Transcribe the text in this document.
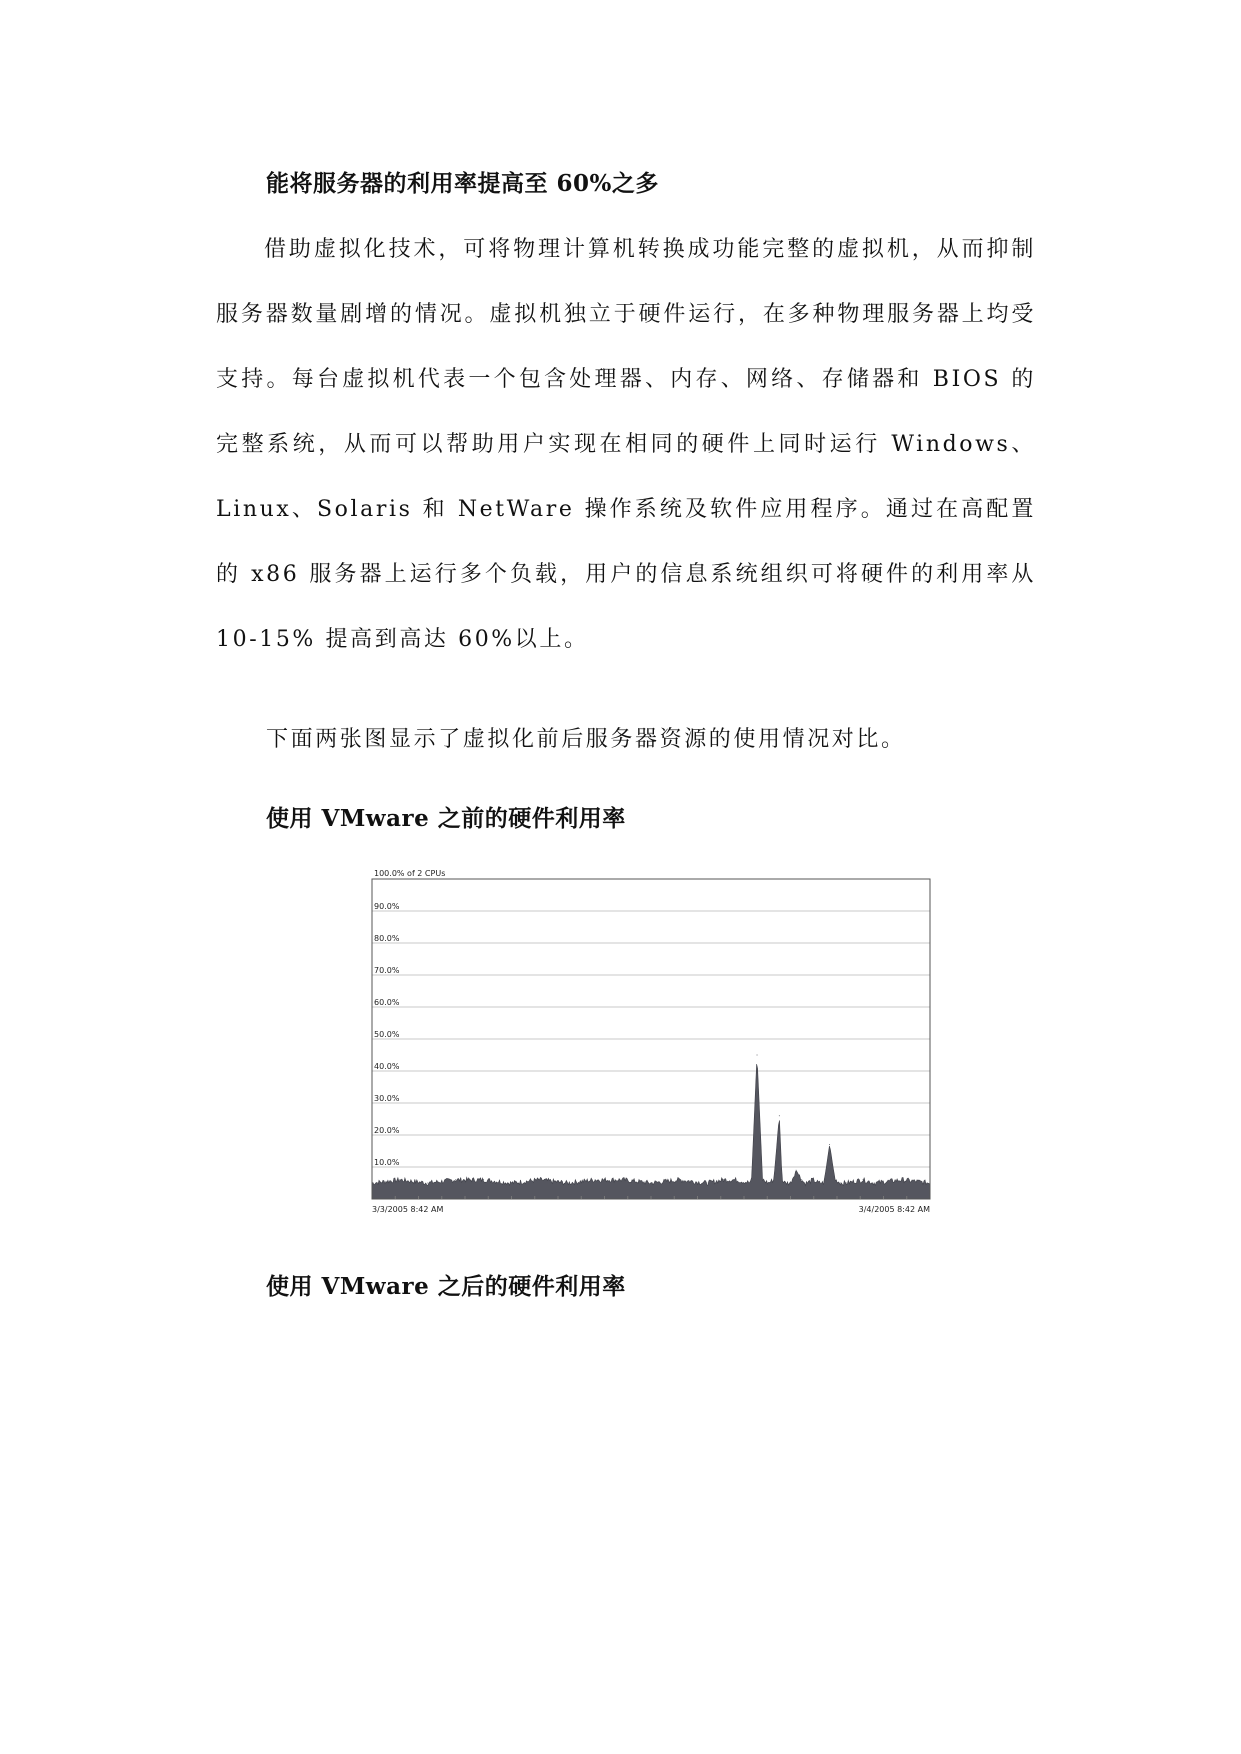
能将服务器的利用率提高至 60%之多

借助虚拟化技术，可将物理计算机转换成功能完整的虚拟机，从而抑制服务器数量剧增的情况。虚拟机独立于硬件运行，在多种物理服务器上均受支持。每台虚拟机代表一个包含处理器、内存、网络、存储器和 BIOS 的完整系统，从而可以帮助用户实现在相同的硬件上同时运行 Windows、Linux、Solaris 和 NetWare 操作系统及软件应用程序。通过在高配置的 x86 服务器上运行多个负载，用户的信息系统组织可将硬件的利用率从 10-15% 提高到高达 60%以上。

下面两张图显示了虚拟化前后服务器资源的使用情况对比。
使用 VMware 之前的硬件利用率
100.0% of 2 CPUs
90.0%
80.0%
70.0%
60.0%
50.0%
40.0%
30.0%
20.0%
10.0%
3/3/2005 8:42 AM	3/4/2005 8:42 AM
使用 VMware 之后的硬件利用率
